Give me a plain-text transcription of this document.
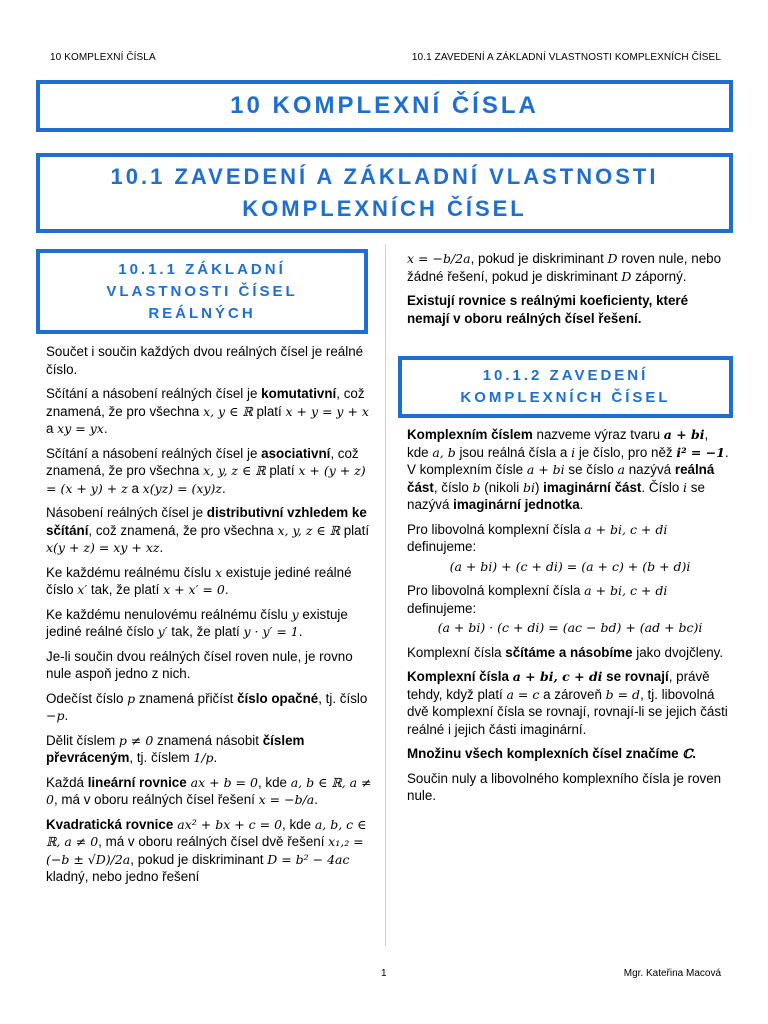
10 KOMPLEXNÍ ČÍSLA	10.1 ZAVEDENÍ A ZÁKLADNÍ VLASTNOSTI KOMPLEXNÍCH ČÍSEL
10 KOMPLEXNÍ ČÍSLA
10.1 ZAVEDENÍ A ZÁKLADNÍ VLASTNOSTI
KOMPLEXNÍCH ČÍSEL
10.1.1 ZÁKLADNÍ
VLASTNOSTI ČÍSEL
REÁLNÝCH

Součet i součin každých dvou reálných čísel je reálné číslo.

Sčítání a násobení reálných čísel je komutativní, což znamená, že pro všechna x, y ∈ ℝ platí x + y = y + x a xy = yx.

Sčítání a násobení reálných čísel je asociativní, což znamená, že pro všechna x, y, z ∈ ℝ platí x + (y + z) = (x + y) + z a x(yz) = (xy)z.

Násobení reálných čísel je distributivní vzhledem ke sčítání, což znamená, že pro všechna x, y, z ∈ ℝ platí x(y + z) = xy + xz.

Ke každému reálnému číslu x existuje jediné reálné číslo x′ tak, že platí x + x′ = 0.

Ke každému nenulovému reálnému číslu y existuje jediné reálné číslo y′ tak, že platí y · y′ = 1.

Je-li součin dvou reálných čísel roven nule, je rovno nule aspoň jedno z nich.

Odečíst číslo p znamená přičíst číslo opačné, tj. číslo −p.

Dělit číslem p ≠ 0 znamená násobit číslem převráceným, tj. číslem 1/p.

Každá lineární rovnice ax + b = 0, kde a, b ∈ ℝ, a ≠ 0, má v oboru reálných čísel řešení x = −b/a.

Kvadratická rovnice ax² + bx + c = 0, kde a, b, c ∈ ℝ, a ≠ 0, má v oboru reálných čísel dvě řešení x₁,₂ = (−b ± √D)/2a, pokud je diskriminant D = b² − 4ac kladný, nebo jedno řešení

x = −b/2a, pokud je diskriminant D roven nule, nebo žádné řešení, pokud je diskriminant D záporný.

Existují rovnice s reálnými koeficienty, které nemají v oboru reálných čísel řešení.

10.1.2 ZAVEDENÍ
KOMPLEXNÍCH ČÍSEL

Komplexním číslem nazveme výraz tvaru a + bi, kde a, b jsou reálná čísla a i je číslo, pro něž i² = −1. V komplexním čísle a + bi se číslo a nazývá reálná část, číslo b (nikoli bi) imaginární část. Číslo i se nazývá imaginární jednotka.

Pro libovolná komplexní čísla a + bi, c + di definujeme:

(a + bi) + (c + di) = (a + c) + (b + d)i

Pro libovolná komplexní čísla a + bi, c + di definujeme:

(a + bi) · (c + di) = (ac − bd) + (ad + bc)i

Komplexní čísla sčítáme a násobíme jako dvojčleny.

Komplexní čísla a + bi, c + di se rovnají, právě tehdy, když platí a = c a zároveň b = d, tj. libovolná dvě komplexní čísla se rovnají, rovnají-li se jejich části reálné i jejich části imaginární.

Množinu všech komplexních čísel značíme ℂ.

Součin nuly a libovolného komplexního čísla je roven nule.

1	Mgr. Kateřina Macová
